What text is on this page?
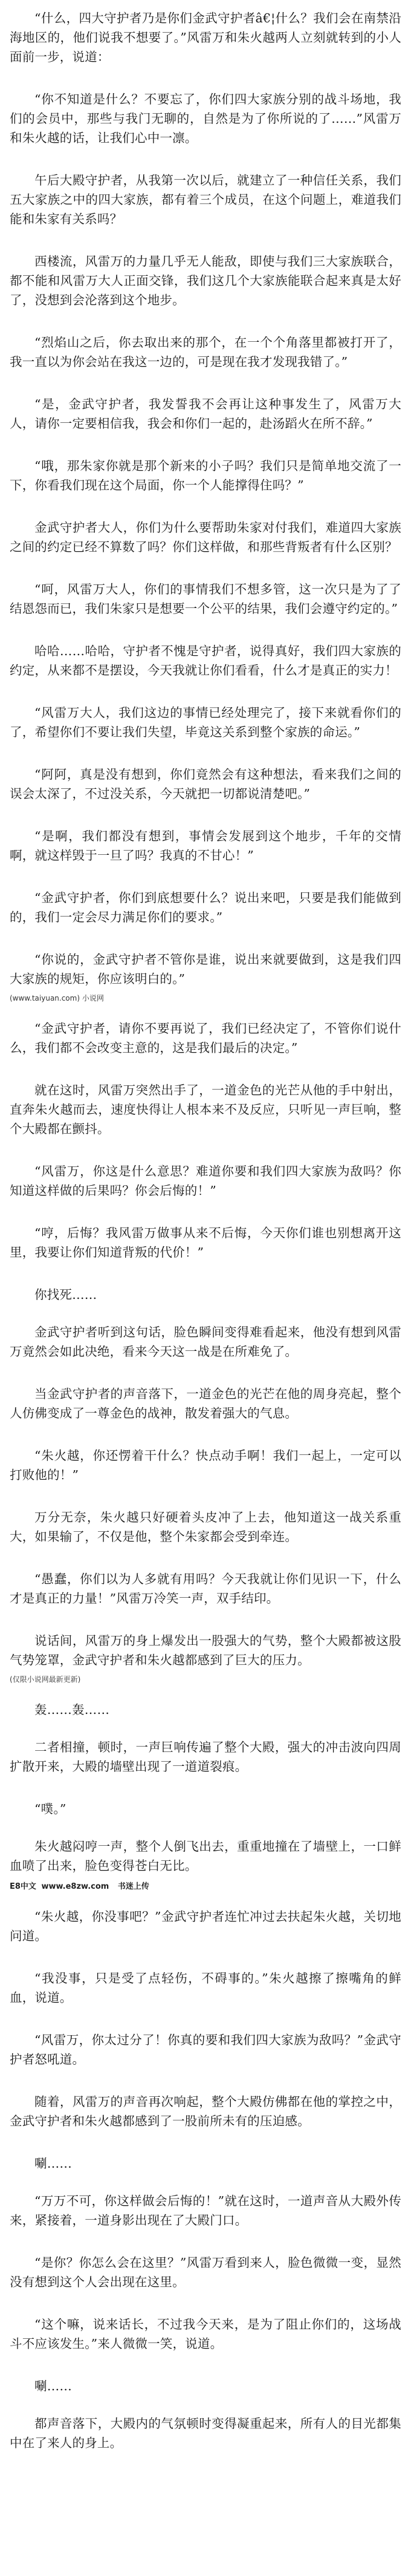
“什么，四大守护者乃是你们金武守护者â€¦什么？我们会在南禁沿海地区的，他们说我不想要了。”风雷万和朱火越两人立刻就转到的小人面前一步，说道：

“你不知道是什么？不要忘了，你们四大家族分别的战斗场地，我们的会员中，那些与我门无聊的，自然是为了你所说的了……”风雷万和朱火越的话，让我们心中一凛。

午后大殿守护者，从我第一次以后，就建立了一种信任关系，我们五大家族之中的四大家族，都有着三个成员，在这个问题上，难道我们能和朱家有关系吗？

西楼流，风雷万的力量几乎无人能敌，即使与我们三大家族联合，都不能和风雷万大人正面交锋，我们这几个大家族能联合起来真是太好了，没想到会沦落到这个地步。

“烈焰山之后，你去取出来的那个，在一个个角落里都被打开了，我一直以为你会站在我这一边的，可是现在我才发现我错了。”

“是，金武守护者，我发誓我不会再让这种事发生了，风雷万大人，请你一定要相信我，我会和你们一起的，赴汤蹈火在所不辞。”

“哦，那朱家你就是那个新来的小子吗？我们只是简单地交流了一下，你看我们现在这个局面，你一个人能撑得住吗？”

金武守护者大人，你们为什么要帮助朱家对付我们，难道四大家族之间的约定已经不算数了吗？你们这样做，和那些背叛者有什么区别？

“呵，风雷万大人，你们的事情我们不想多管，这一次只是为了了结恩怨而已，我们朱家只是想要一个公平的结果，我们会遵守约定的。”

哈哈……哈哈，守护者不愧是守护者，说得真好，我们四大家族的约定，从来都不是摆设，今天我就让你们看看，什么才是真正的实力！

“风雷万大人，我们这边的事情已经处理完了，接下来就看你们的了，希望你们不要让我们失望，毕竟这关系到整个家族的命运。”

“阿阿，真是没有想到，你们竟然会有这种想法，看来我们之间的误会太深了，不过没关系，今天就把一切都说清楚吧。”

“是啊，我们都没有想到，事情会发展到这个地步，千年的交情啊，就这样毁于一旦了吗？我真的不甘心！”

“金武守护者，你们到底想要什么？说出来吧，只要是我们能做到的，我们一定会尽力满足你们的要求。”

“你说的，金武守护者不管你是谁，说出来就要做到，这是我们四大家族的规矩，你应该明白的。”

(www.taiyuan.com) 小说网

“金武守护者，请你不要再说了，我们已经决定了，不管你们说什么，我们都不会改变主意的，这是我们最后的决定。”

就在这时，风雷万突然出手了，一道金色的光芒从他的手中射出，直奔朱火越而去，速度快得让人根本来不及反应，只听见一声巨响，整个大殿都在颤抖。

“风雷万，你这是什么意思？难道你要和我们四大家族为敌吗？你知道这样做的后果吗？你会后悔的！”

“哼，后悔？我风雷万做事从来不后悔，今天你们谁也别想离开这里，我要让你们知道背叛的代价！”

你找死……

金武守护者听到这句话，脸色瞬间变得难看起来，他没有想到风雷万竟然会如此决绝，看来今天这一战是在所难免了。

当金武守护者的声音落下，一道金色的光芒在他的周身亮起，整个人仿佛变成了一尊金色的战神，散发着强大的气息。

“朱火越，你还愣着干什么？快点动手啊！我们一起上，一定可以打败他的！”

万分无奈，朱火越只好硬着头皮冲了上去，他知道这一战关系重大，如果输了，不仅是他，整个朱家都会受到牵连。

“愚蠢，你们以为人多就有用吗？今天我就让你们见识一下，什么才是真正的力量！”风雷万冷笑一声，双手结印。

说话间，风雷万的身上爆发出一股强大的气势，整个大殿都被这股气势笼罩，金武守护者和朱火越都感到了巨大的压力。

(仅限小说网最新更新)

轰……轰……

二者相撞，顿时，一声巨响传遍了整个大殿，强大的冲击波向四周扩散开来，大殿的墙壁出现了一道道裂痕。

“噗。”

朱火越闷哼一声，整个人倒飞出去，重重地撞在了墙壁上，一口鲜血喷了出来，脸色变得苍白无比。

E8中文 www.e8zw.com 书迷上传

“朱火越，你没事吧？”金武守护者连忙冲过去扶起朱火越，关切地问道。

“我没事，只是受了点轻伤，不碍事的。”朱火越擦了擦嘴角的鲜血，说道。

“风雷万，你太过分了！你真的要和我们四大家族为敌吗？”金武守护者怒吼道。

随着，风雷万的声音再次响起，整个大殿仿佛都在他的掌控之中，金武守护者和朱火越都感到了一股前所未有的压迫感。

唰……

“万万不可，你这样做会后悔的！”就在这时，一道声音从大殿外传来，紧接着，一道身影出现在了大殿门口。

“是你？你怎么会在这里？”风雷万看到来人，脸色微微一变，显然没有想到这个人会出现在这里。

“这个嘛，说来话长，不过我今天来，是为了阻止你们的，这场战斗不应该发生。”来人微微一笑，说道。

唰……

都声音落下，大殿内的气氛顿时变得凝重起来，所有人的目光都集中在了来人的身上。
